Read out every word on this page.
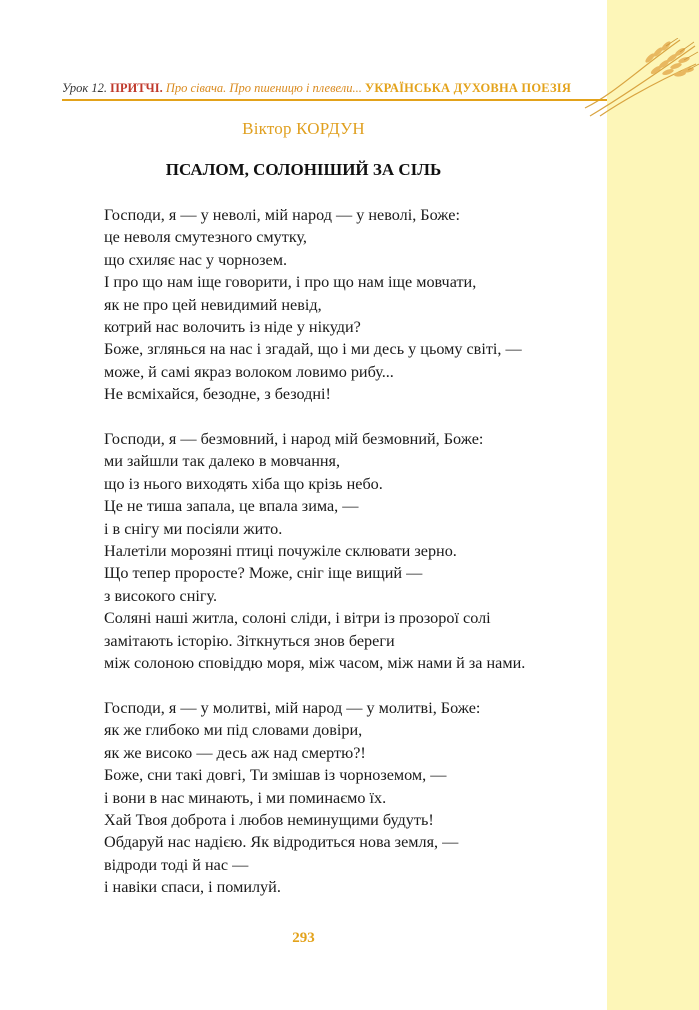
Урок 12. ПРИТЧІ. Про сівача. Про пшеницю і плевели... УКРАЇНСЬКА ДУХОВНА ПОЕЗІЯ
Віктор КОРДУН
ПСАЛОМ, СОЛОНІШИЙ ЗА СІЛЬ
Господи, я — у неволі, мій народ — у неволі, Боже:
це неволя смутезного смутку,
що схиляє нас у чорнозем.
І про що нам іще говорити, і про що нам іще мовчати,
як не про цей невидимий невід,
котрий нас волочить із ніде у нікуди?
Боже, зглянься на нас і згадай, що і ми десь у цьому світі, —
може, й самі якраз волоком ловимо рибу...
Не всміхайся, безодне, з безодні!
Господи, я — безмовний, і народ мій безмовний, Боже:
ми зайшли так далеко в мовчання,
що із нього виходять хіба що крізь небо.
Це не тиша запала, це впала зима, —
і в снігу ми посіяли жито.
Налетіли морозяні птиці почужіле склювати зерно.
Що тепер проросте? Може, сніг іще вищий —
з високого снігу.
Соляні наші житла, солоні сліди, і вітри із прозорої солі
замітають історію. Зіткнуться знов береги
між солоною сповіддю моря, між часом, між нами й за нами.
Господи, я — у молитві, мій народ — у молитві, Боже:
як же глибоко ми під словами довіри,
як же високо — десь аж над смертю?!
Боже, сни такі довгі, Ти змішав із чорноземом, —
і вони в нас минають, і ми поминаємо їх.
Хай Твоя доброта і любов неминущими будуть!
Обдаруй нас надією. Як відродиться нова земля, —
відроди тоді й нас —
і навіки спаси, і помилуй.
293
